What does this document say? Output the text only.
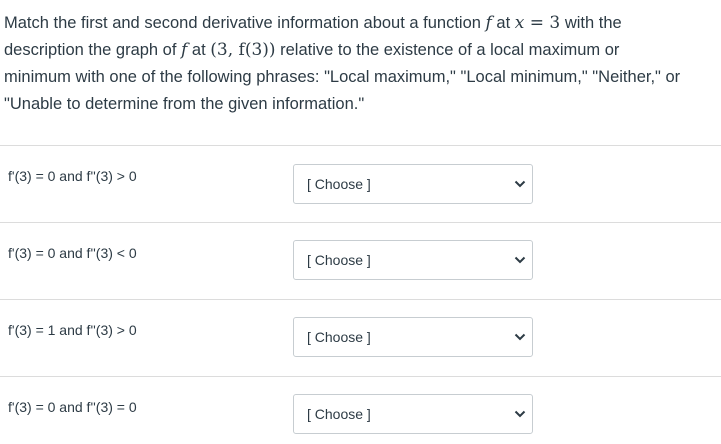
Match the first and second derivative information about a function f at x = 3 with the
description the graph of f at (3, f(3)) relative to the existence of a local maximum or
minimum with one of the following phrases: "Local maximum," "Local minimum," "Neither," or
"Unable to determine from the given information."
f'(3) = 0 and f''(3) > 0	[ Choose ]
f'(3) = 0 and f''(3) < 0	[ Choose ]
f'(3) = 1 and f''(3) > 0	[ Choose ]
f'(3) = 0 and f''(3) = 0	[ Choose ]
